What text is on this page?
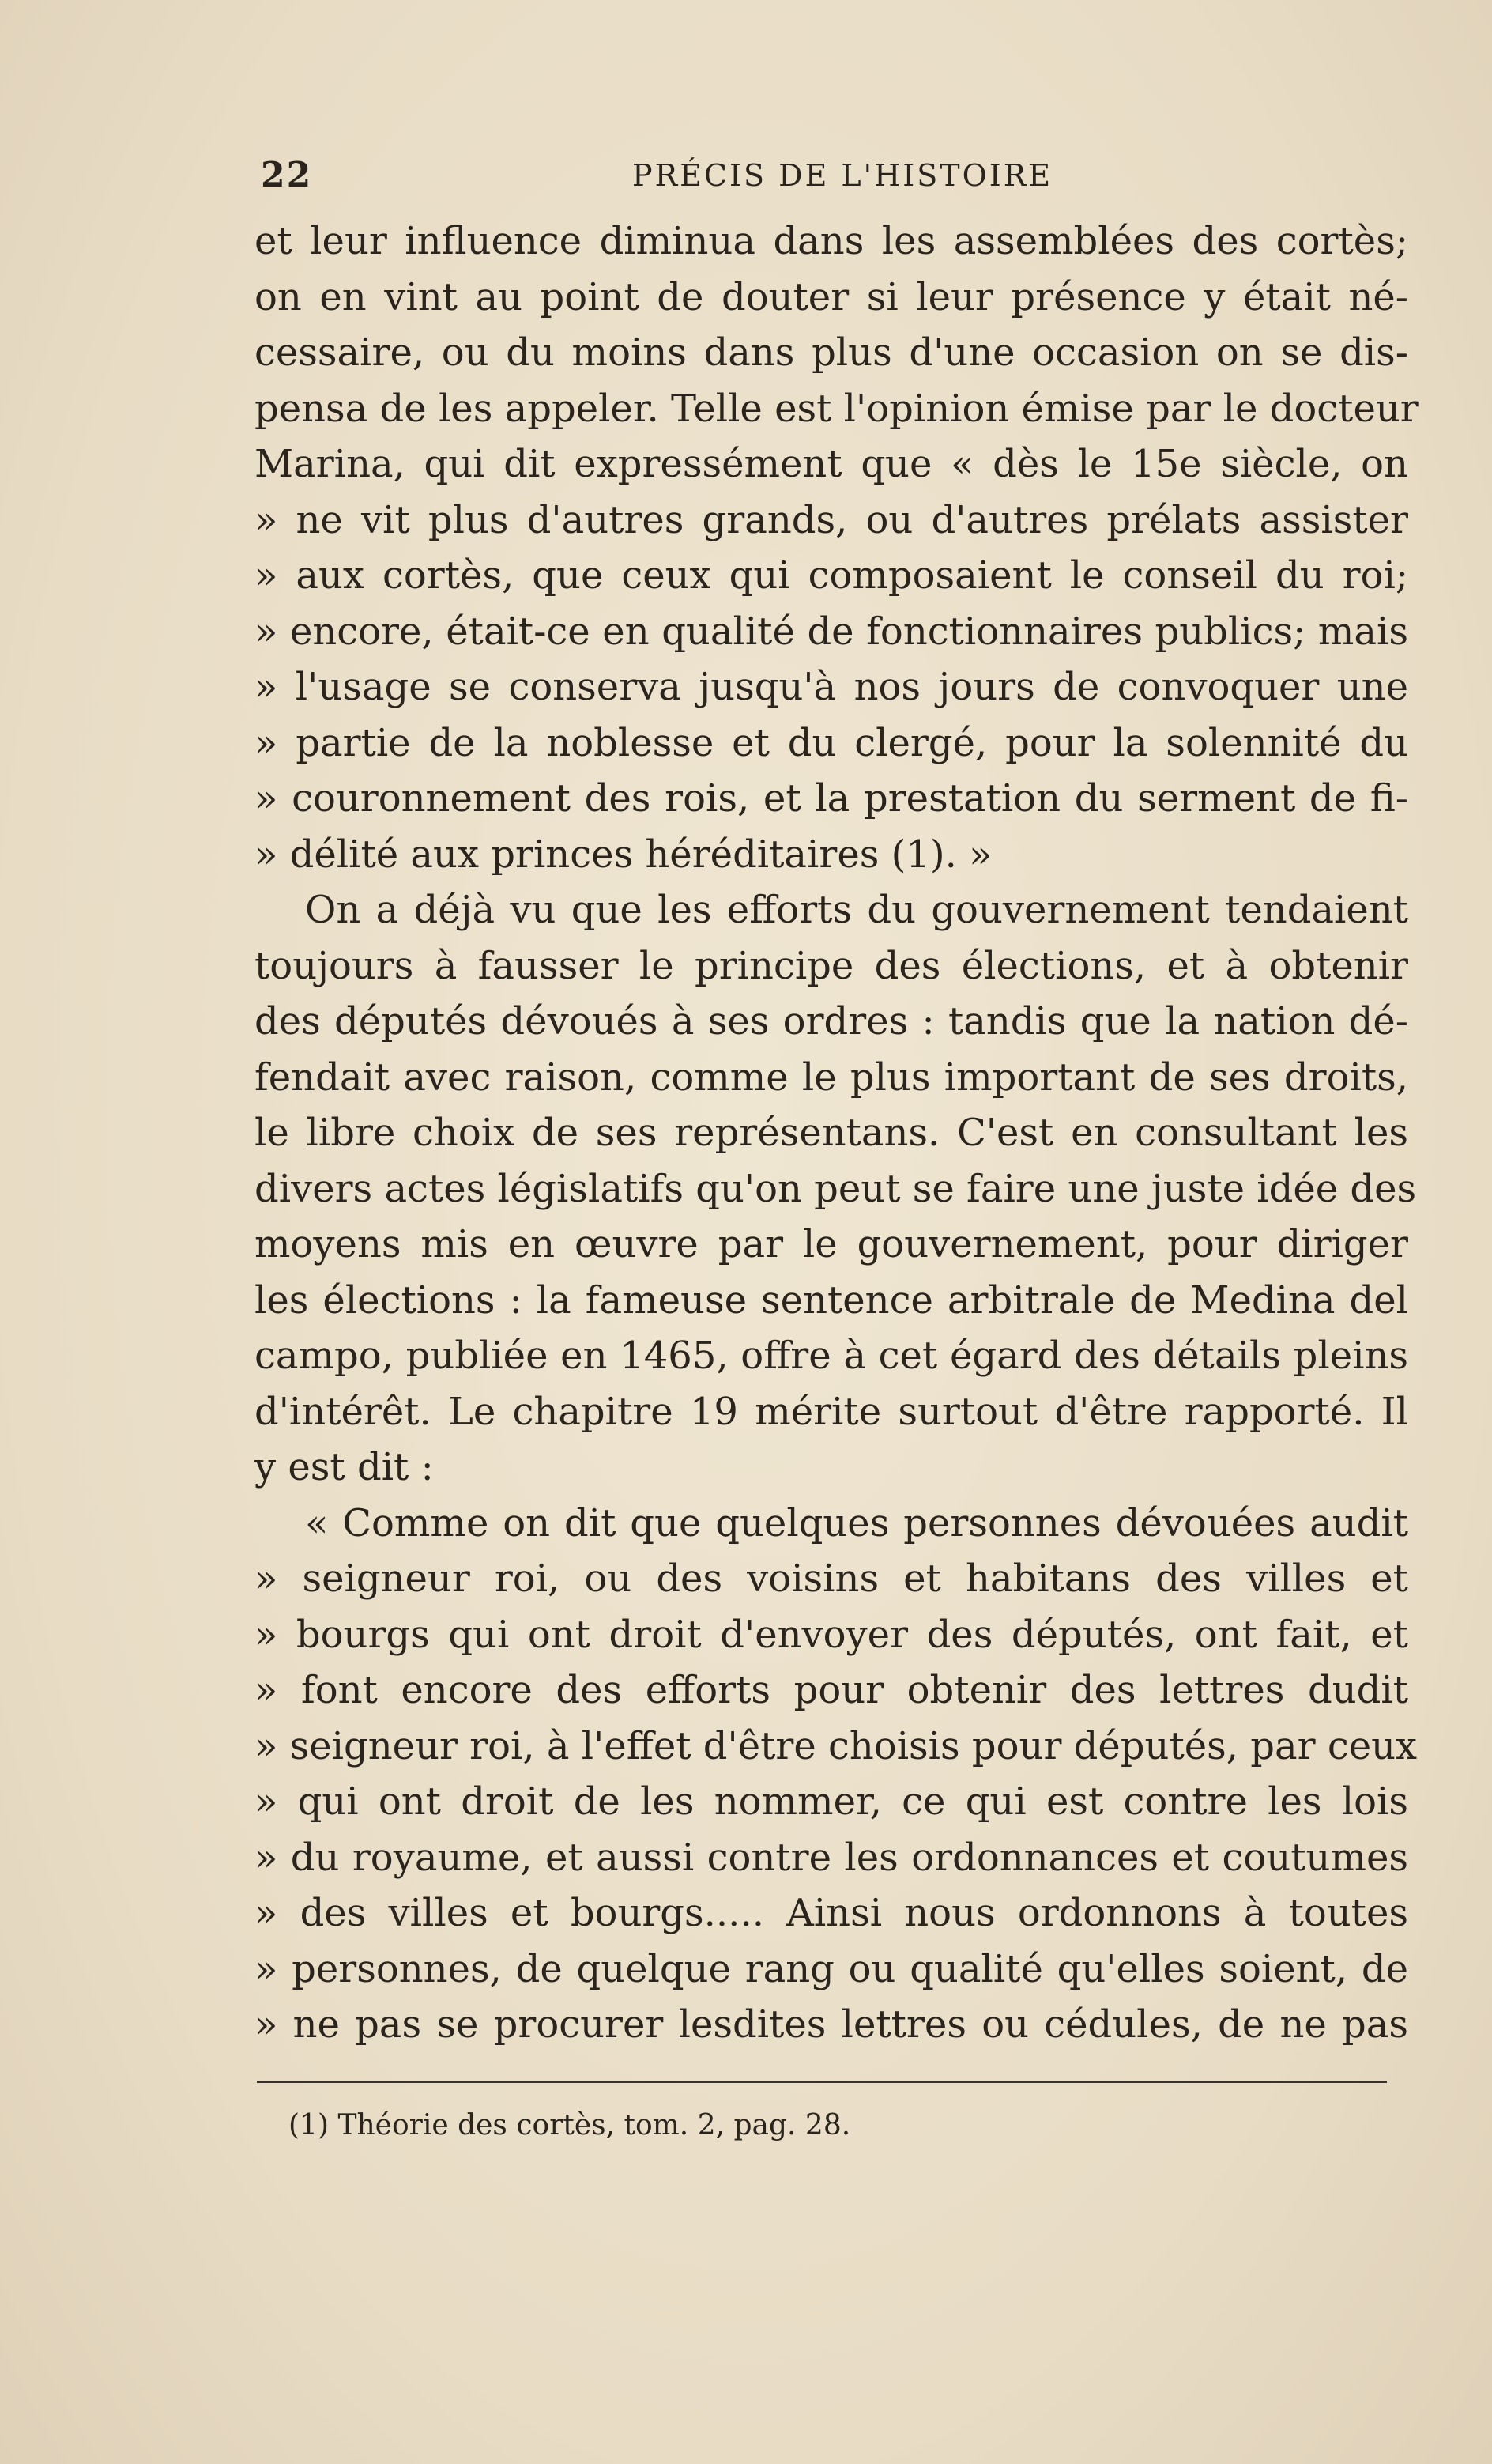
22	PRÉCIS DE L'HISTOIRE
et leur influence diminua dans les assemblées des cortès;
on en vint au point de douter si leur présence y était né-
cessaire, ou du moins dans plus d'une occasion on se dis-
pensa de les appeler. Telle est l'opinion émise par le docteur
Marina, qui dit expressément que « dès le 15e siècle, on
» ne vit plus d'autres grands, ou d'autres prélats assister
» aux cortès, que ceux qui composaient le conseil du roi;
» encore, était-ce en qualité de fonctionnaires publics; mais
» l'usage se conserva jusqu'à nos jours de convoquer une
» partie de la noblesse et du clergé, pour la solennité du
» couronnement des rois, et la prestation du serment de fi-
» délité aux princes héréditaires (1). »
On a déjà vu que les efforts du gouvernement tendaient
toujours à fausser le principe des élections, et à obtenir
des députés dévoués à ses ordres : tandis que la nation dé-
fendait avec raison, comme le plus important de ses droits,
le libre choix de ses représentans. C'est en consultant les
divers actes législatifs qu'on peut se faire une juste idée des
moyens mis en œuvre par le gouvernement, pour diriger
les élections : la fameuse sentence arbitrale de Medina del
campo, publiée en 1465, offre à cet égard des détails pleins
d'intérêt. Le chapitre 19 mérite surtout d'être rapporté. Il
y est dit :
« Comme on dit que quelques personnes dévouées audit
» seigneur roi, ou des voisins et habitans des villes et
» bourgs qui ont droit d'envoyer des députés, ont fait, et
» font encore des efforts pour obtenir des lettres dudit
» seigneur roi, à l'effet d'être choisis pour députés, par ceux
» qui ont droit de les nommer, ce qui est contre les lois
» du royaume, et aussi contre les ordonnances et coutumes
» des villes et bourgs..... Ainsi nous ordonnons à toutes
» personnes, de quelque rang ou qualité qu'elles soient, de
» ne pas se procurer lesdites lettres ou cédules, de ne pas
(1) Théorie des cortès, tom. 2, pag. 28.
